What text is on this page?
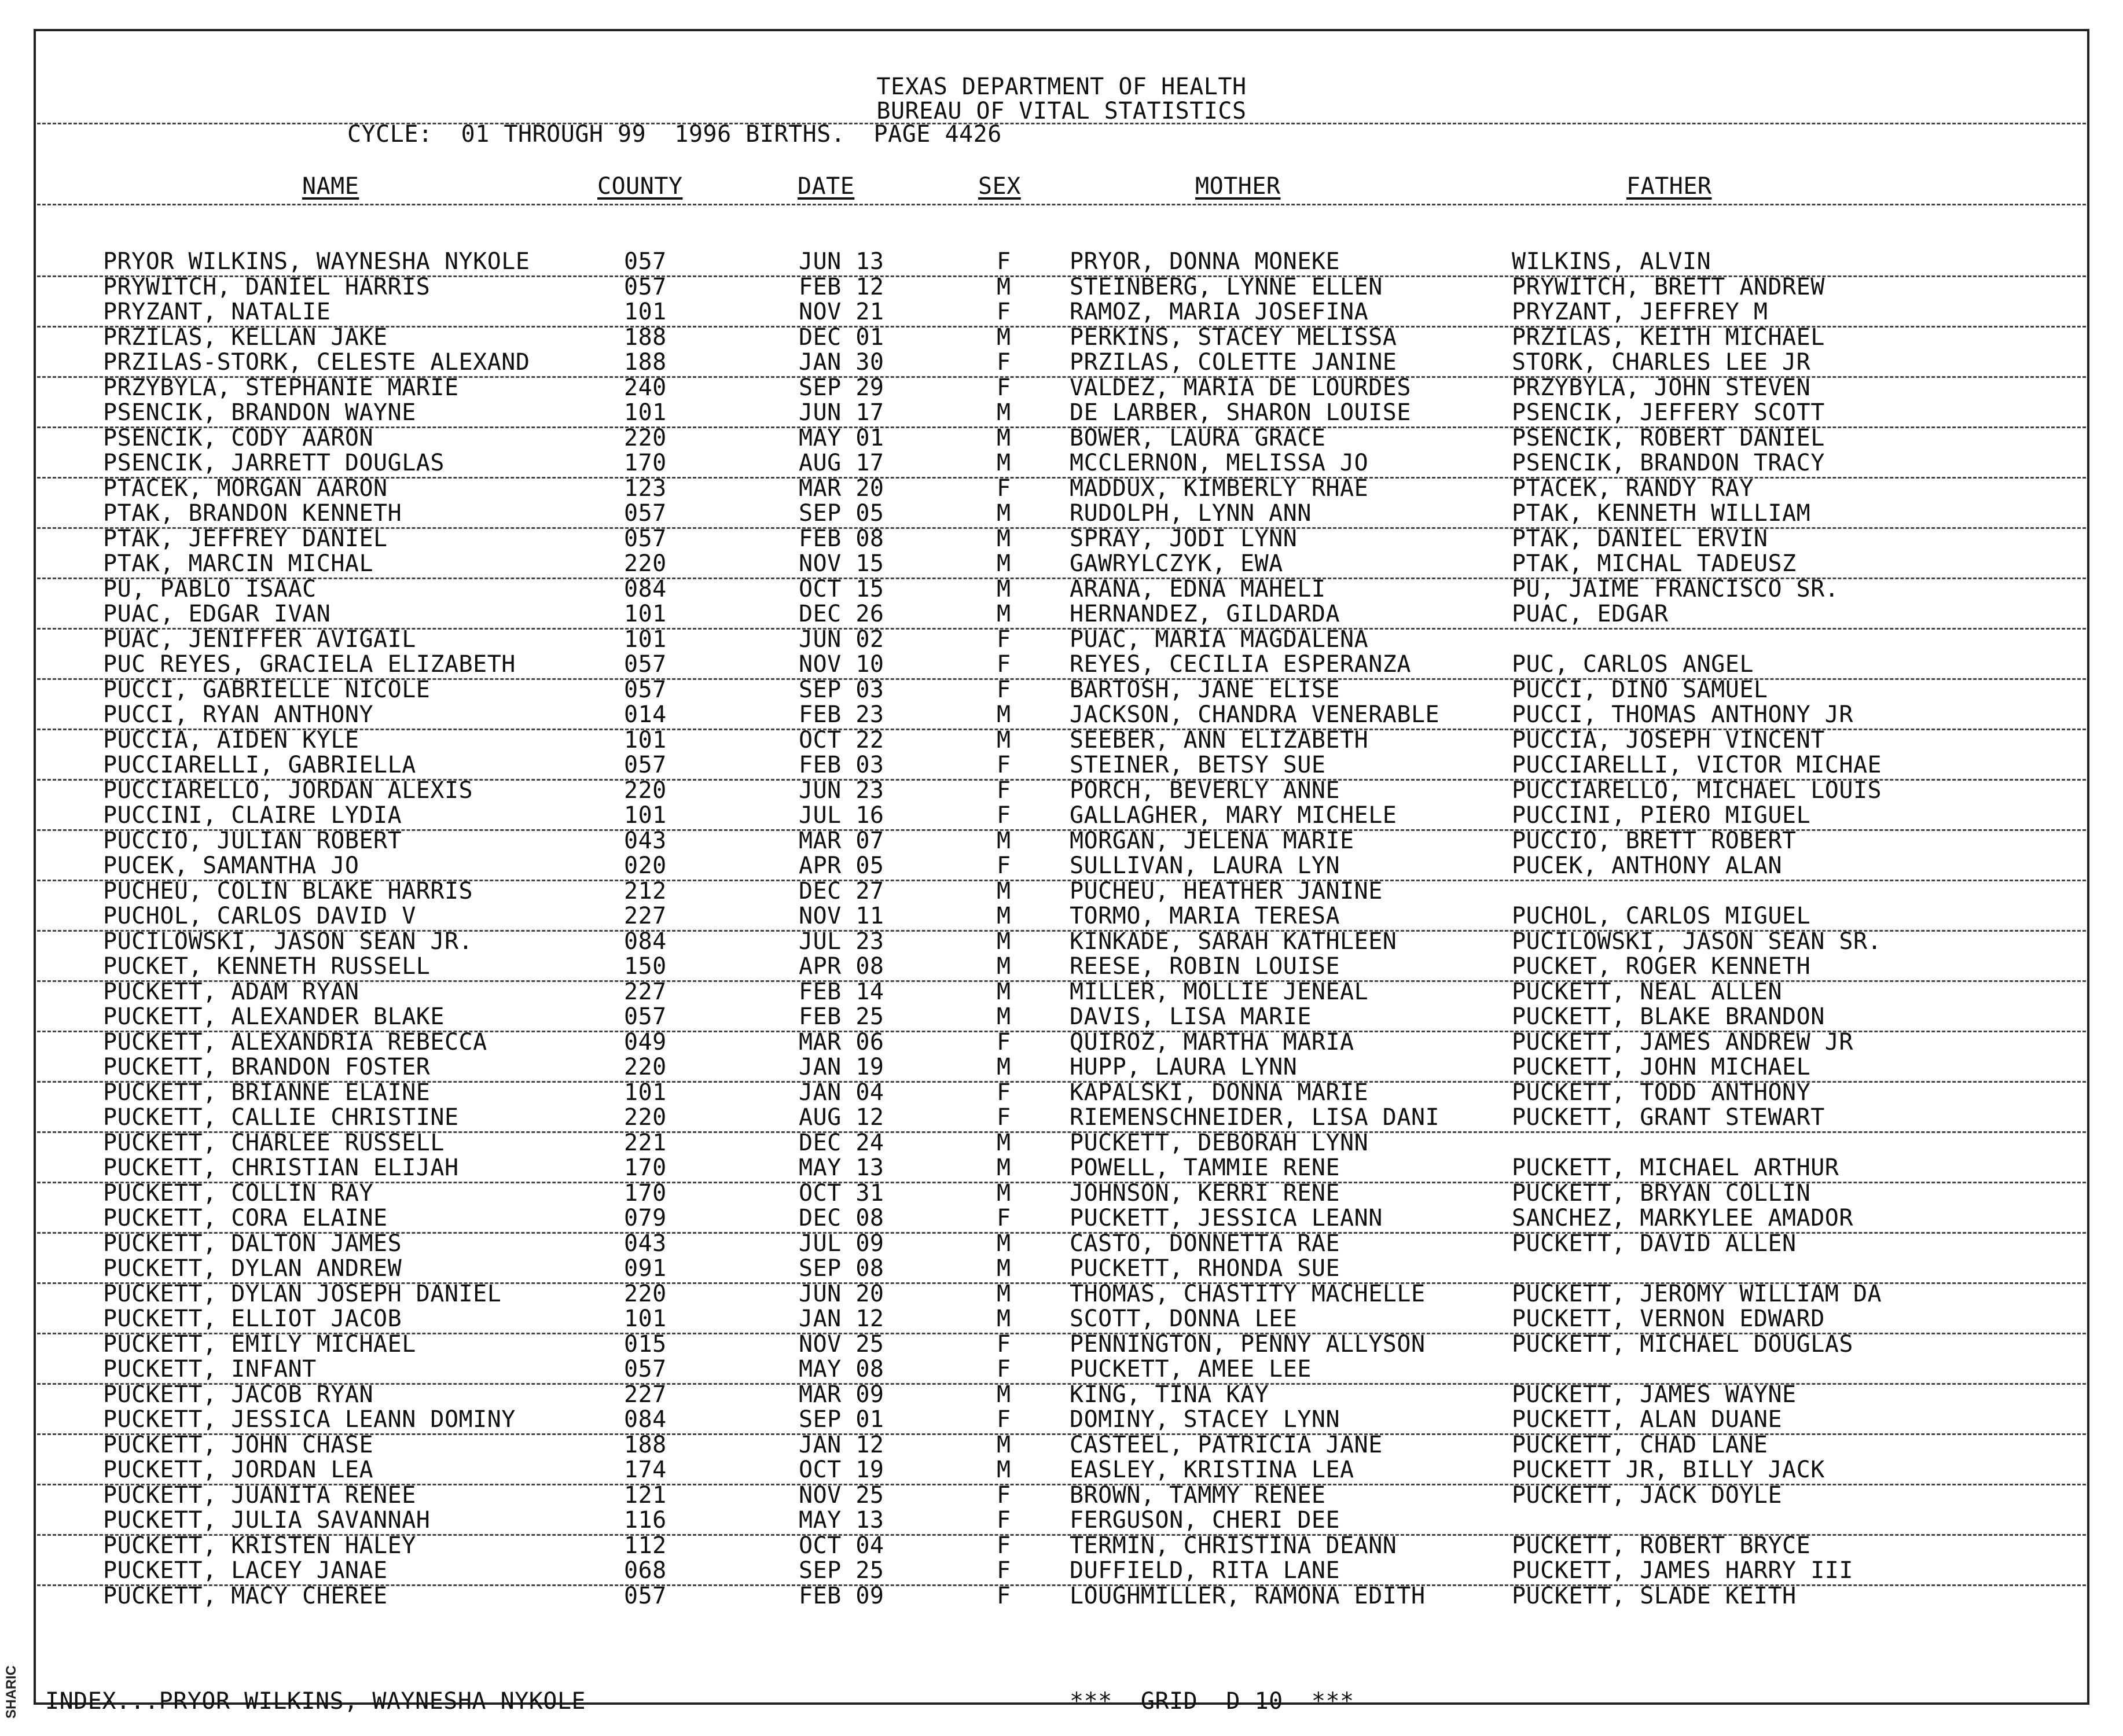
TEXAS DEPARTMENT OF HEALTH
BUREAU OF VITAL STATISTICS
CYCLE:  01 THROUGH 99  1996 BIRTHS.  PAGE 4426
NAME	COUNTY	DATE	SEX	MOTHER	FATHER
PRYOR WILKINS, WAYNESHA NYKOLE	057	JUN 13	F	PRYOR, DONNA MONEKE	WILKINS, ALVIN
PRYWITCH, DANIEL HARRIS	057	FEB 12	M	STEINBERG, LYNNE ELLEN	PRYWITCH, BRETT ANDREW
PRYZANT, NATALIE	101	NOV 21	F	RAMOZ, MARIA JOSEFINA	PRYZANT, JEFFREY M
PRZILAS, KELLAN JAKE	188	DEC 01	M	PERKINS, STACEY MELISSA	PRZILAS, KEITH MICHAEL
PRZILAS-STORK, CELESTE ALEXAND	188	JAN 30	F	PRZILAS, COLETTE JANINE	STORK, CHARLES LEE JR
PRZYBYLA, STEPHANIE MARIE	240	SEP 29	F	VALDEZ, MARIA DE LOURDES	PRZYBYLA, JOHN STEVEN
PSENCIK, BRANDON WAYNE	101	JUN 17	M	DE LARBER, SHARON LOUISE	PSENCIK, JEFFERY SCOTT
PSENCIK, CODY AARON	220	MAY 01	M	BOWER, LAURA GRACE	PSENCIK, ROBERT DANIEL
PSENCIK, JARRETT DOUGLAS	170	AUG 17	M	MCCLERNON, MELISSA JO	PSENCIK, BRANDON TRACY
PTACEK, MORGAN AARON	123	MAR 20	F	MADDUX, KIMBERLY RHAE	PTACEK, RANDY RAY
PTAK, BRANDON KENNETH	057	SEP 05	M	RUDOLPH, LYNN ANN	PTAK, KENNETH WILLIAM
PTAK, JEFFREY DANIEL	057	FEB 08	M	SPRAY, JODI LYNN	PTAK, DANIEL ERVIN
PTAK, MARCIN MICHAL	220	NOV 15	M	GAWRYLCZYK, EWA	PTAK, MICHAL TADEUSZ
PU, PABLO ISAAC	084	OCT 15	M	ARANA, EDNA MAHELI	PU, JAIME FRANCISCO SR.
PUAC, EDGAR IVAN	101	DEC 26	M	HERNANDEZ, GILDARDA	PUAC, EDGAR
PUAC, JENIFFER AVIGAIL	101	JUN 02	F	PUAC, MARIA MAGDALENA
PUC REYES, GRACIELA ELIZABETH	057	NOV 10	F	REYES, CECILIA ESPERANZA	PUC, CARLOS ANGEL
PUCCI, GABRIELLE NICOLE	057	SEP 03	F	BARTOSH, JANE ELISE	PUCCI, DINO SAMUEL
PUCCI, RYAN ANTHONY	014	FEB 23	M	JACKSON, CHANDRA VENERABLE	PUCCI, THOMAS ANTHONY JR
PUCCIA, AIDEN KYLE	101	OCT 22	M	SEEBER, ANN ELIZABETH	PUCCIA, JOSEPH VINCENT
PUCCIARELLI, GABRIELLA	057	FEB 03	F	STEINER, BETSY SUE	PUCCIARELLI, VICTOR MICHAE
PUCCIARELLO, JORDAN ALEXIS	220	JUN 23	F	PORCH, BEVERLY ANNE	PUCCIARELLO, MICHAEL LOUIS
PUCCINI, CLAIRE LYDIA	101	JUL 16	F	GALLAGHER, MARY MICHELE	PUCCINI, PIERO MIGUEL
PUCCIO, JULIAN ROBERT	043	MAR 07	M	MORGAN, JELENA MARIE	PUCCIO, BRETT ROBERT
PUCEK, SAMANTHA JO	020	APR 05	F	SULLIVAN, LAURA LYN	PUCEK, ANTHONY ALAN
PUCHEU, COLIN BLAKE HARRIS	212	DEC 27	M	PUCHEU, HEATHER JANINE
PUCHOL, CARLOS DAVID V	227	NOV 11	M	TORMO, MARIA TERESA	PUCHOL, CARLOS MIGUEL
PUCILOWSKI, JASON SEAN JR.	084	JUL 23	M	KINKADE, SARAH KATHLEEN	PUCILOWSKI, JASON SEAN SR.
PUCKET, KENNETH RUSSELL	150	APR 08	M	REESE, ROBIN LOUISE	PUCKET, ROGER KENNETH
PUCKETT, ADAM RYAN	227	FEB 14	M	MILLER, MOLLIE JENEAL	PUCKETT, NEAL ALLEN
PUCKETT, ALEXANDER BLAKE	057	FEB 25	M	DAVIS, LISA MARIE	PUCKETT, BLAKE BRANDON
PUCKETT, ALEXANDRIA REBECCA	049	MAR 06	F	QUIROZ, MARTHA MARIA	PUCKETT, JAMES ANDREW JR
PUCKETT, BRANDON FOSTER	220	JAN 19	M	HUPP, LAURA LYNN	PUCKETT, JOHN MICHAEL
PUCKETT, BRIANNE ELAINE	101	JAN 04	F	KAPALSKI, DONNA MARIE	PUCKETT, TODD ANTHONY
PUCKETT, CALLIE CHRISTINE	220	AUG 12	F	RIEMENSCHNEIDER, LISA DANI	PUCKETT, GRANT STEWART
PUCKETT, CHARLEE RUSSELL	221	DEC 24	M	PUCKETT, DEBORAH LYNN
PUCKETT, CHRISTIAN ELIJAH	170	MAY 13	M	POWELL, TAMMIE RENE	PUCKETT, MICHAEL ARTHUR
PUCKETT, COLLIN RAY	170	OCT 31	M	JOHNSON, KERRI RENE	PUCKETT, BRYAN COLLIN
PUCKETT, CORA ELAINE	079	DEC 08	F	PUCKETT, JESSICA LEANN	SANCHEZ, MARKYLEE AMADOR
PUCKETT, DALTON JAMES	043	JUL 09	M	CASTO, DONNETTA RAE	PUCKETT, DAVID ALLEN
PUCKETT, DYLAN ANDREW	091	SEP 08	M	PUCKETT, RHONDA SUE
PUCKETT, DYLAN JOSEPH DANIEL	220	JUN 20	M	THOMAS, CHASTITY MACHELLE	PUCKETT, JEROMY WILLIAM DA
PUCKETT, ELLIOT JACOB	101	JAN 12	M	SCOTT, DONNA LEE	PUCKETT, VERNON EDWARD
PUCKETT, EMILY MICHAEL	015	NOV 25	F	PENNINGTON, PENNY ALLYSON	PUCKETT, MICHAEL DOUGLAS
PUCKETT, INFANT	057	MAY 08	F	PUCKETT, AMEE LEE
PUCKETT, JACOB RYAN	227	MAR 09	M	KING, TINA KAY	PUCKETT, JAMES WAYNE
PUCKETT, JESSICA LEANN DOMINY	084	SEP 01	F	DOMINY, STACEY LYNN	PUCKETT, ALAN DUANE
PUCKETT, JOHN CHASE	188	JAN 12	M	CASTEEL, PATRICIA JANE	PUCKETT, CHAD LANE
PUCKETT, JORDAN LEA	174	OCT 19	M	EASLEY, KRISTINA LEA	PUCKETT JR, BILLY JACK
PUCKETT, JUANITA RENEE	121	NOV 25	F	BROWN, TAMMY RENEE	PUCKETT, JACK DOYLE
PUCKETT, JULIA SAVANNAH	116	MAY 13	F	FERGUSON, CHERI DEE
PUCKETT, KRISTEN HALEY	112	OCT 04	F	TERMIN, CHRISTINA DEANN	PUCKETT, ROBERT BRYCE
PUCKETT, LACEY JANAE	068	SEP 25	F	DUFFIELD, RITA LANE	PUCKETT, JAMES HARRY III
PUCKETT, MACY CHEREE	057	FEB 09	F	LOUGHMILLER, RAMONA EDITH	PUCKETT, SLADE KEITH
INDEX...PRYOR WILKINS, WAYNESHA NYKOLE	***  GRID  D 10  ***
SHARIC
